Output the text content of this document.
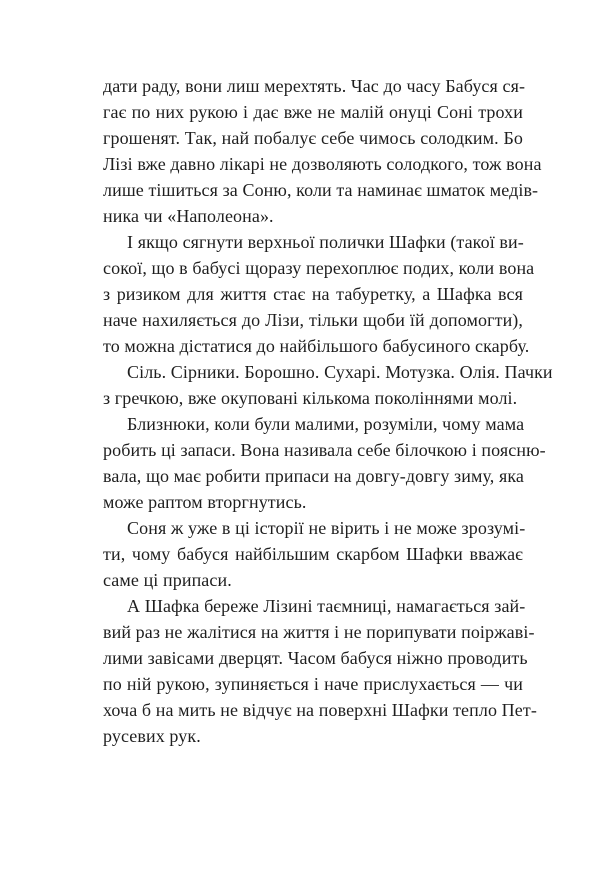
дати раду, вони лиш мерехтять. Час до часу Бабуся ся-
гає по них рукою і дає вже не малій онуці Соні трохи
грошенят. Так, най побалує себе чимось солодким. Бо
Лізі вже давно лікарі не дозволяють солодкого, тож вона
лише тішиться за Соню, коли та наминає шматок медів-
ника чи «Наполеона».
І якщо сягнути верхньої полички Шафки (такої ви-
сокої, що в бабусі щоразу перехоплює подих, коли вона
з ризиком для життя стає на табуретку, а Шафка вся
наче нахиляється до Лізи, тільки щоби їй допомогти),
то можна дістатися до найбільшого бабусиного скарбу.
Сіль. Сірники. Борошно. Сухарі. Мотузка. Олія. Пачки
з гречкою, вже окупованi кількома поколіннями молі.
Близнюки, коли були малими, розуміли, чому мама
робить ці запаси. Вона називала себе білочкою і поясню-
вала, що має робити припаси на довгу-довгу зиму, яка
може раптом вторгнутись.
Соня ж уже в ці історії не вірить і не може зрозумі-
ти, чому бабуся найбільшим скарбом Шафки вважає
саме ці припаси.
А Шафка береже Лізині таємниці, намагається зай-
вий раз не жалітися на життя і не порипувати поіржаві-
лими завісами дверцят. Часом бабуся ніжно проводить
по ній рукою, зупиняється і наче прислухається — чи
хоча б на мить не відчує на поверхні Шафки тепло Пет-
русевих рук.
